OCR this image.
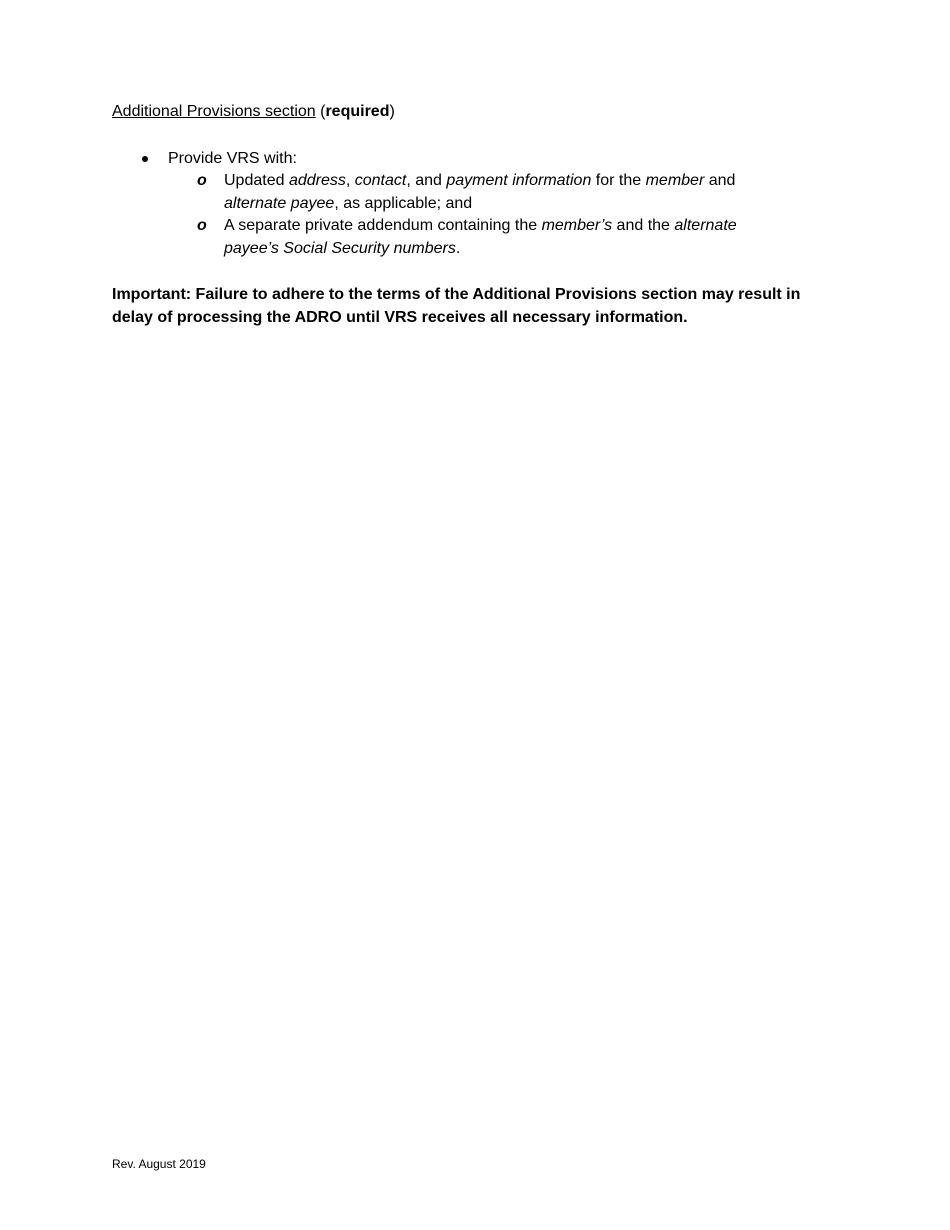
Additional Provisions section (required)
Provide VRS with:
o Updated address, contact, and payment information for the member and alternate payee, as applicable; and
o A separate private addendum containing the member’s and the alternate payee’s Social Security numbers.
Important: Failure to adhere to the terms of the Additional Provisions section may result in delay of processing the ADRO until VRS receives all necessary information.
Rev. August 2019
